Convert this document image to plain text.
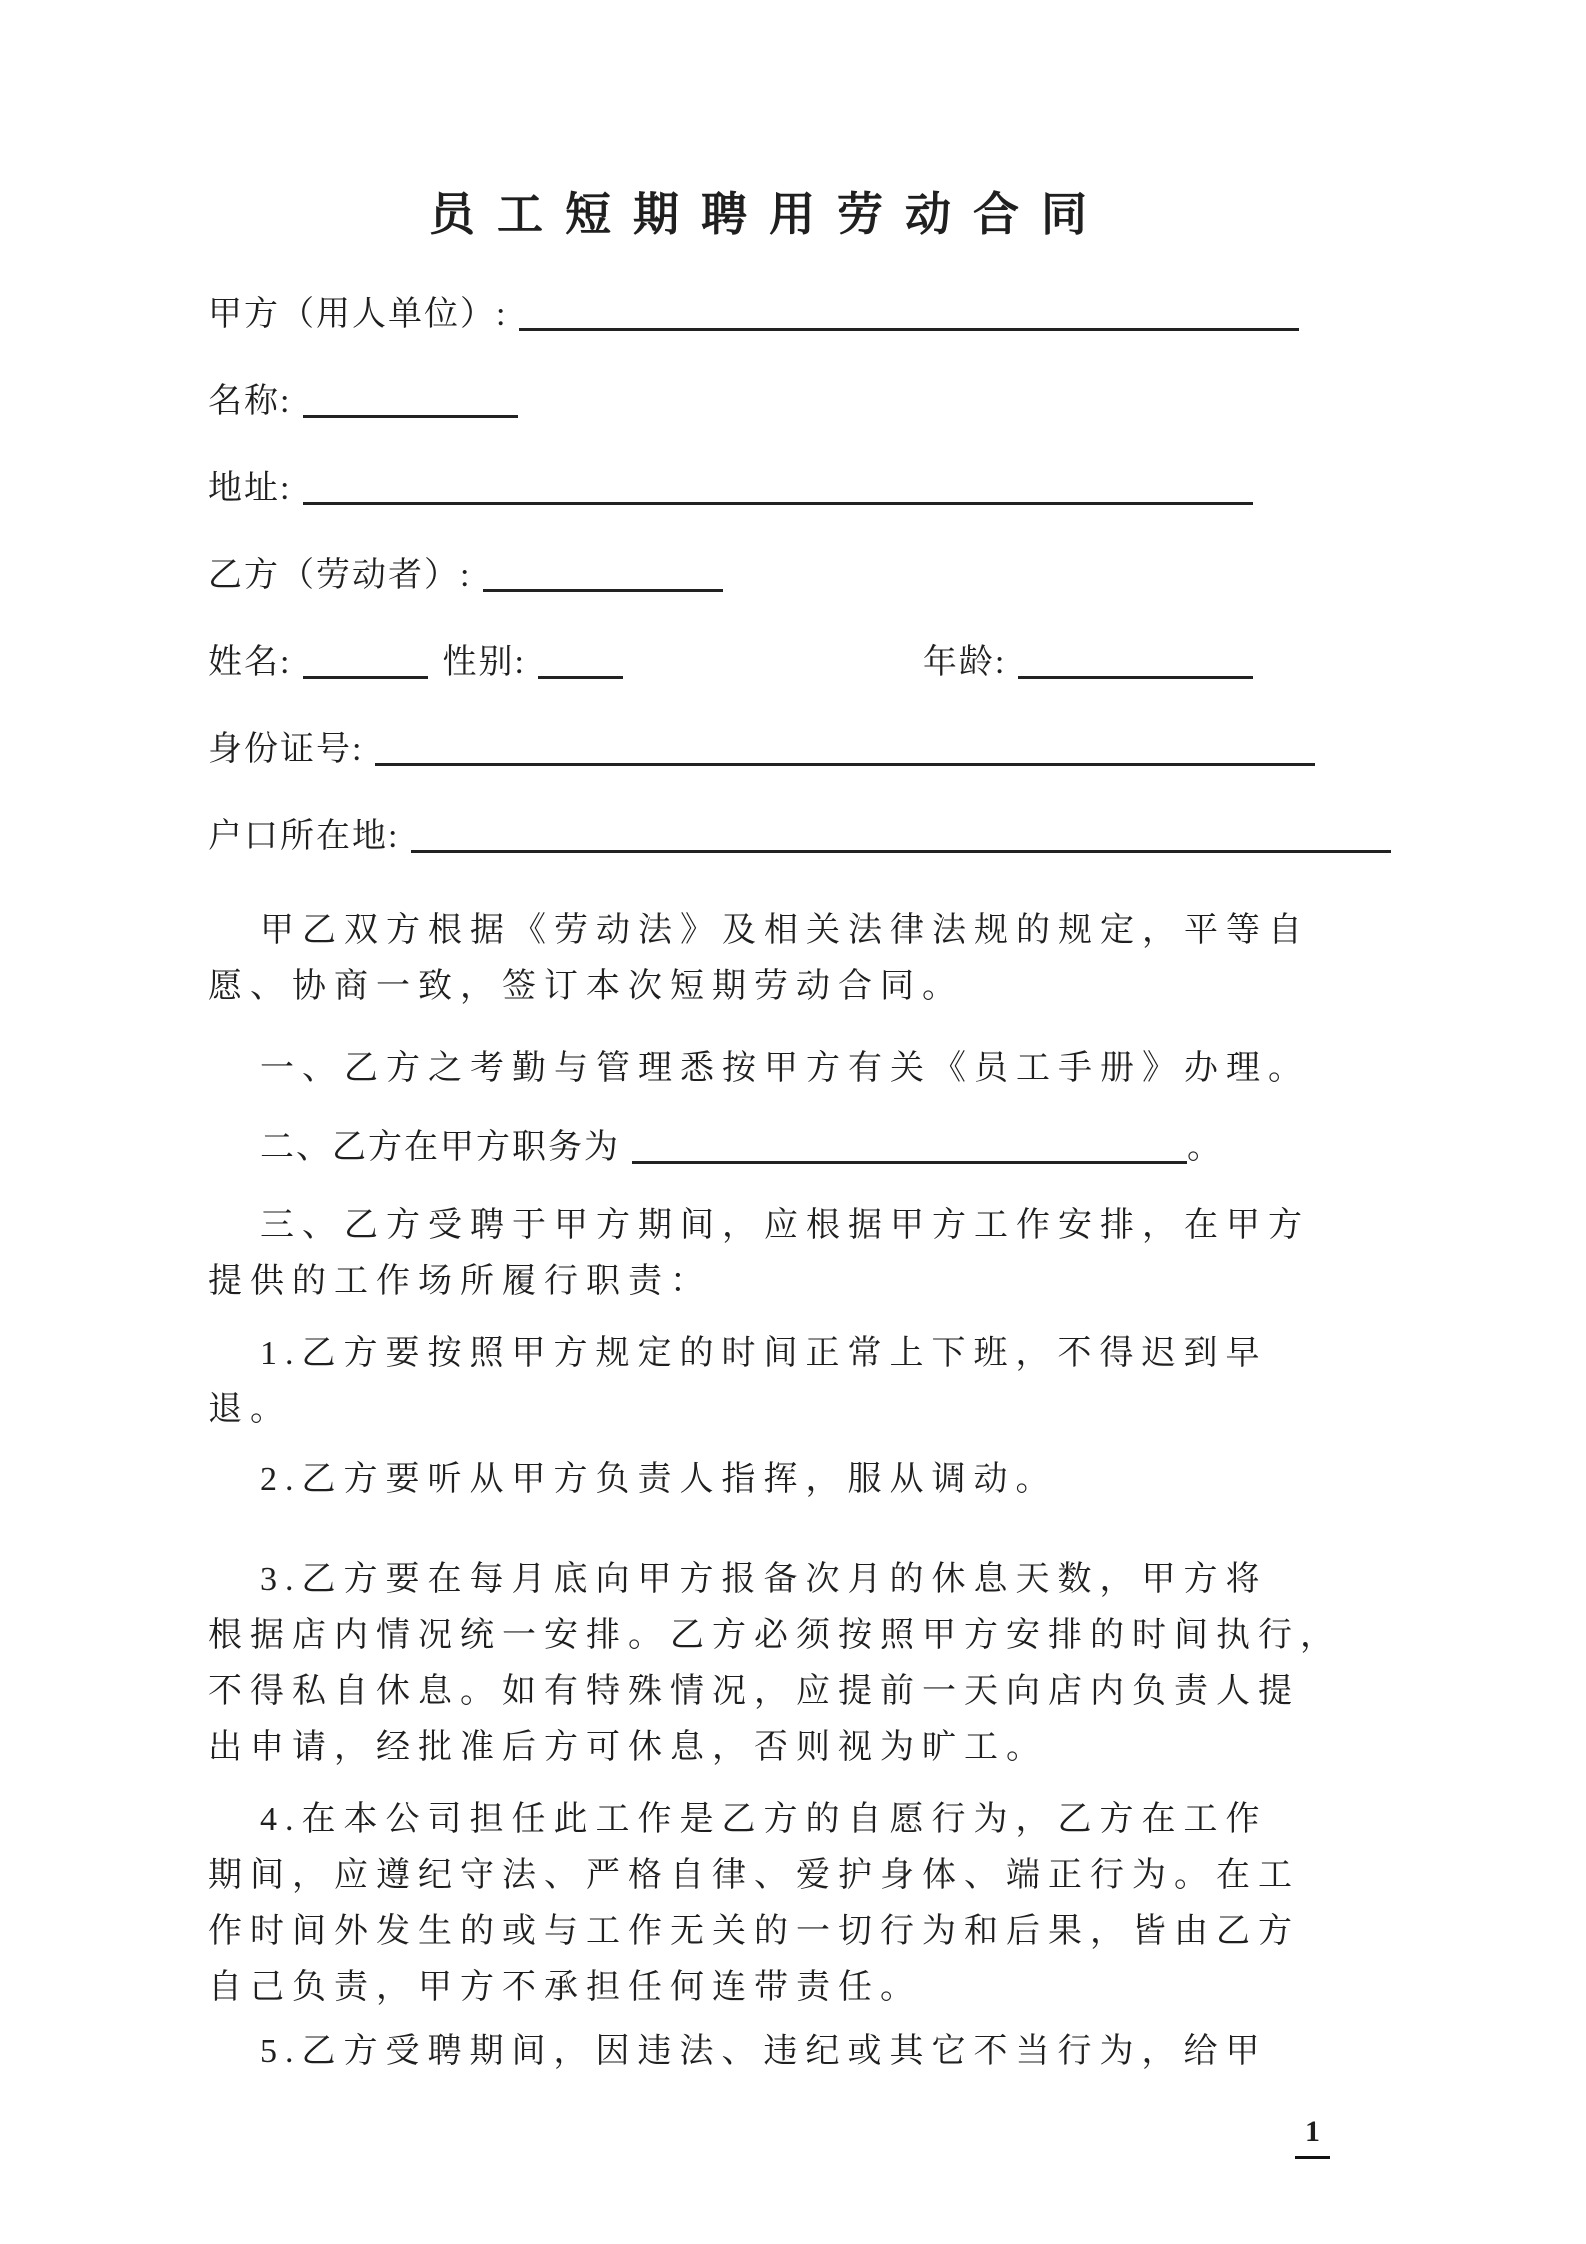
员工短期聘用劳动合同
甲方（用人单位）:
名称:
地址:
乙方（劳动者）:
姓名:	性别:	年龄:
身份证号:
户口所在地:
甲乙双方根据《劳动法》及相关法律法规的规定，平等自
愿、协商一致，签订本次短期劳动合同。
一、乙方之考勤与管理悉按甲方有关《员工手册》办理。
二、乙方在甲方职务为	。
三、乙方受聘于甲方期间，应根据甲方工作安排，在甲方
提供的工作场所履行职责：
1.乙方要按照甲方规定的时间正常上下班，不得迟到早
退。
2.乙方要听从甲方负责人指挥，服从调动。
3.乙方要在每月底向甲方报备次月的休息天数，甲方将
根据店内情况统一安排。乙方必须按照甲方安排的时间执行，
不得私自休息。如有特殊情况，应提前一天向店内负责人提
出申请，经批准后方可休息，否则视为旷工。
4.在本公司担任此工作是乙方的自愿行为，乙方在工作
期间，应遵纪守法、严格自律、爱护身体、端正行为。在工
作时间外发生的或与工作无关的一切行为和后果，皆由乙方
自己负责，甲方不承担任何连带责任。
5.乙方受聘期间，因违法、违纪或其它不当行为，给甲
1
